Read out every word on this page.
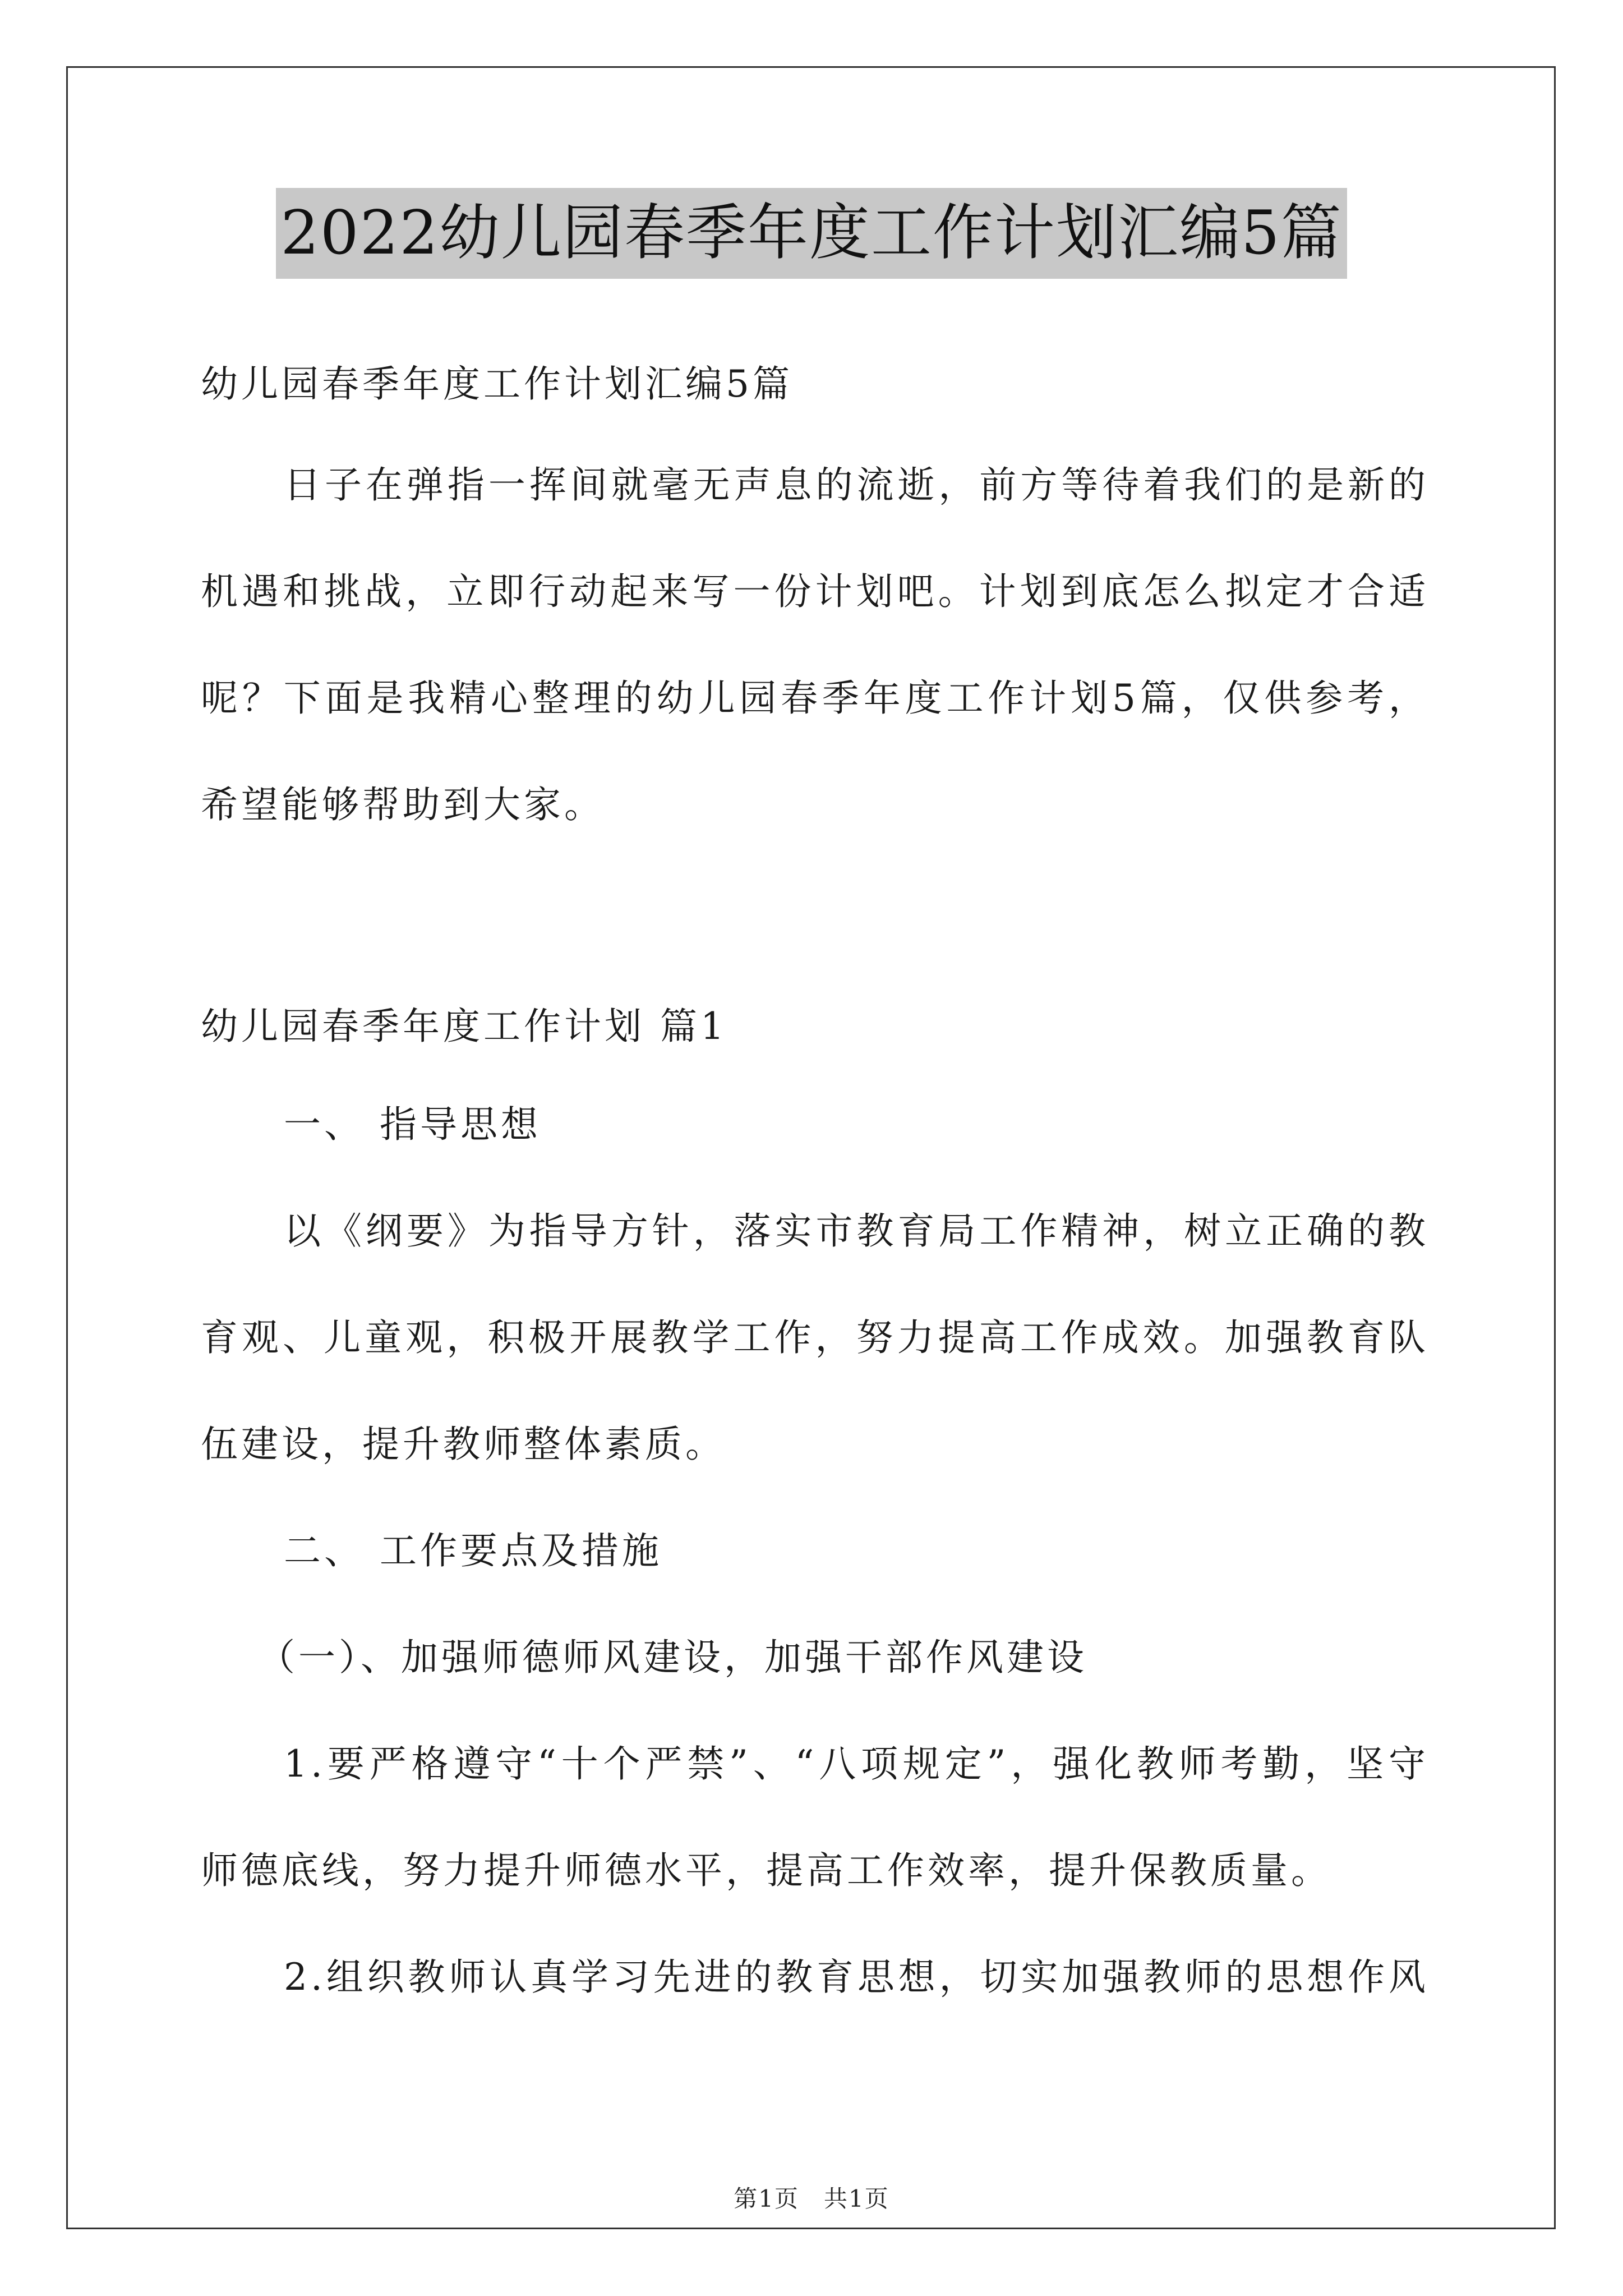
2022幼儿园春季年度工作计划汇编5篇
幼儿园春季年度工作计划汇编5篇
日子在弹指一挥间就毫无声息的流逝，前方等待着我们的是新的
机遇和挑战，立即行动起来写一份计划吧。计划到底怎么拟定才合适
呢？下面是我精心整理的幼儿园春季年度工作计划5篇，仅供参考，
希望能够帮助到大家。
幼儿园春季年度工作计划 篇1
一、 指导思想
以《纲要》为指导方针，落实市教育局工作精神，树立正确的教
育观、儿童观，积极开展教学工作，努力提高工作成效。加强教育队
伍建设，提升教师整体素质。
二、 工作要点及措施
（一）、加强师德师风建设，加强干部作风建设
1.要严格遵守“十个严禁”、“八项规定”，强化教师考勤，坚守
师德底线，努力提升师德水平，提高工作效率，提升保教质量。
2.组织教师认真学习先进的教育思想，切实加强教师的思想作风
第1页　共1页
